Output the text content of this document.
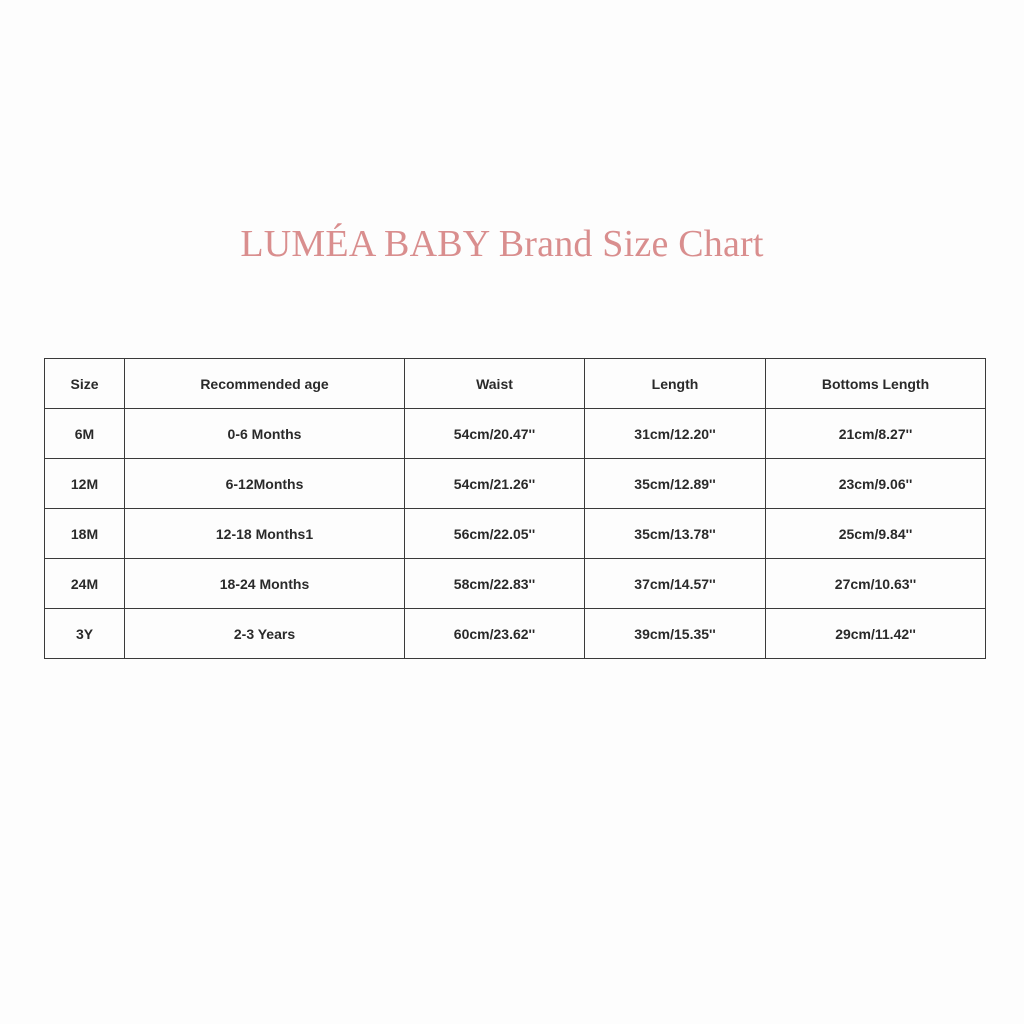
LUMÉA BABY Brand Size Chart
Size	Recommended age	Waist	Length	Bottoms Length
6M	0-6 Months	54cm/20.47''	31cm/12.20''	21cm/8.27''
12M	6-12Months	54cm/21.26''	35cm/12.89''	23cm/9.06''
18M	12-18 Months1	56cm/22.05''	35cm/13.78''	25cm/9.84''
24M	18-24 Months	58cm/22.83''	37cm/14.57''	27cm/10.63''
3Y	2-3 Years	60cm/23.62''	39cm/15.35''	29cm/11.42''
